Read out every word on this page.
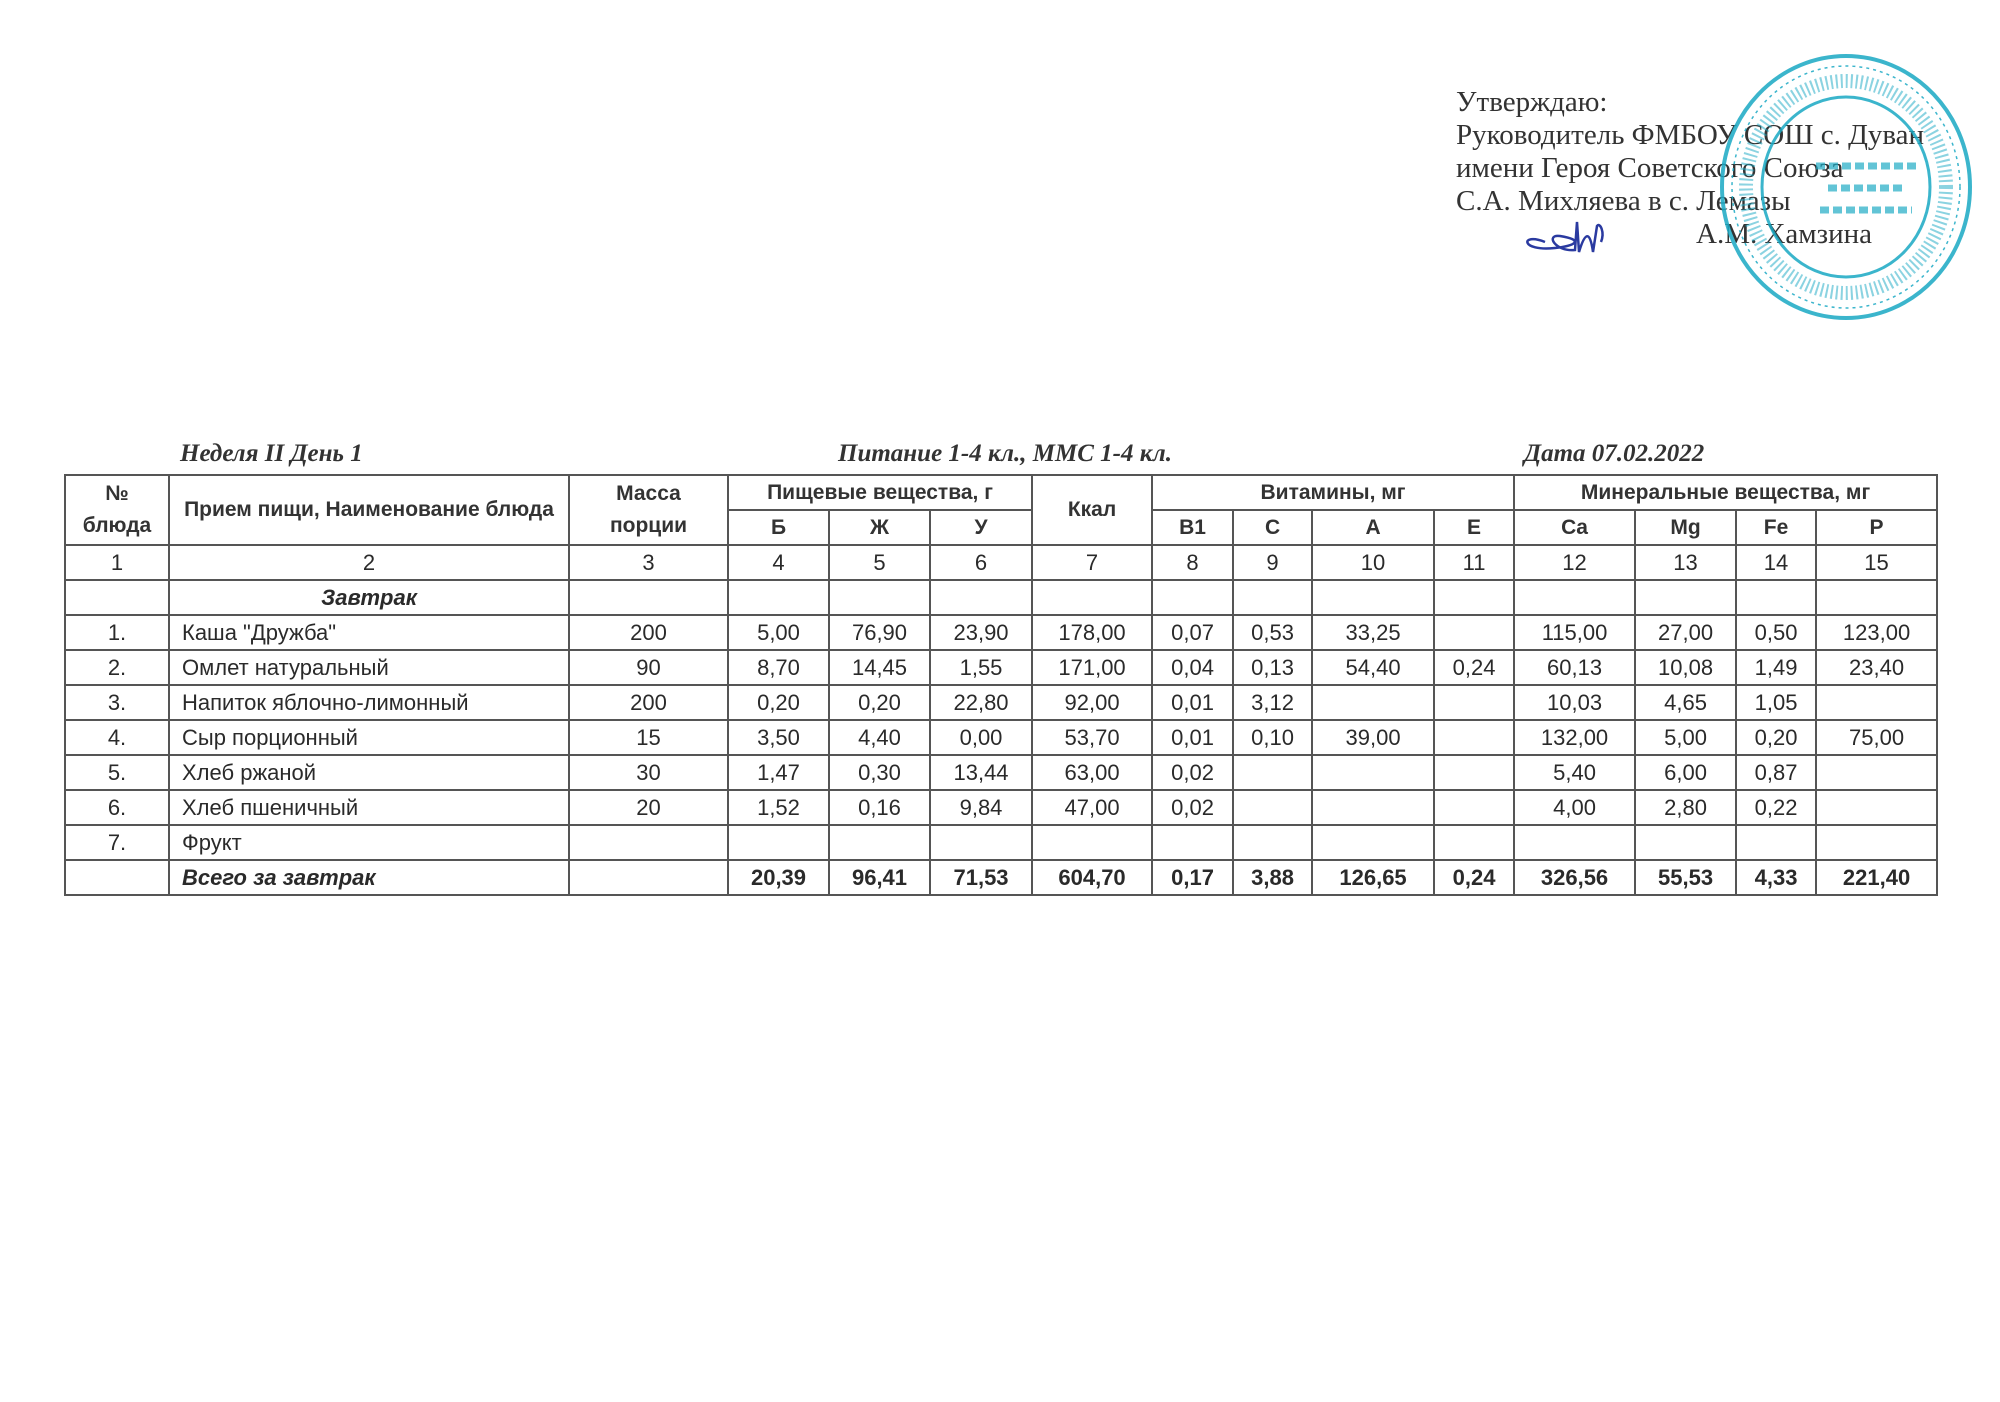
Утверждаю:
Руководитель ФМБОУ СОШ с. Дуван
имени Героя Советского Союза
С.А. Михляева в с. Лемазы
А.М. Хамзина
Неделя II День 1	Питание 1-4 кл., ММС 1-4 кл.	Дата 07.02.2022
№ блюда	Прием пищи, Наименование блюда	Масса порции	Пищевые вещества, г			Ккал	Витамины, мг				Минеральные вещества, мг			
			Б	Ж	У		B1	C	A	E	Ca	Mg	Fe	P
1	2	3	4	5	6	7	8	9	10	11	12	13	14	15
	Завтрак													
1.	Каша "Дружба"	200	5,00	76,90	23,90	178,00	0,07	0,53	33,25		115,00	27,00	0,50	123,00
2.	Омлет натуральный	90	8,70	14,45	1,55	171,00	0,04	0,13	54,40	0,24	60,13	10,08	1,49	23,40
3.	Напиток яблочно-лимонный	200	0,20	0,20	22,80	92,00	0,01	3,12			10,03	4,65	1,05	
4.	Сыр порционный	15	3,50	4,40	0,00	53,70	0,01	0,10	39,00		132,00	5,00	0,20	75,00
5.	Хлеб ржаной	30	1,47	0,30	13,44	63,00	0,02				5,40	6,00	0,87	
6.	Хлеб пшеничный	20	1,52	0,16	9,84	47,00	0,02				4,00	2,80	0,22	
7.	Фрукт													
	Всего за завтрак		20,39	96,41	71,53	604,70	0,17	3,88	126,65	0,24	326,56	55,53	4,33	221,40
